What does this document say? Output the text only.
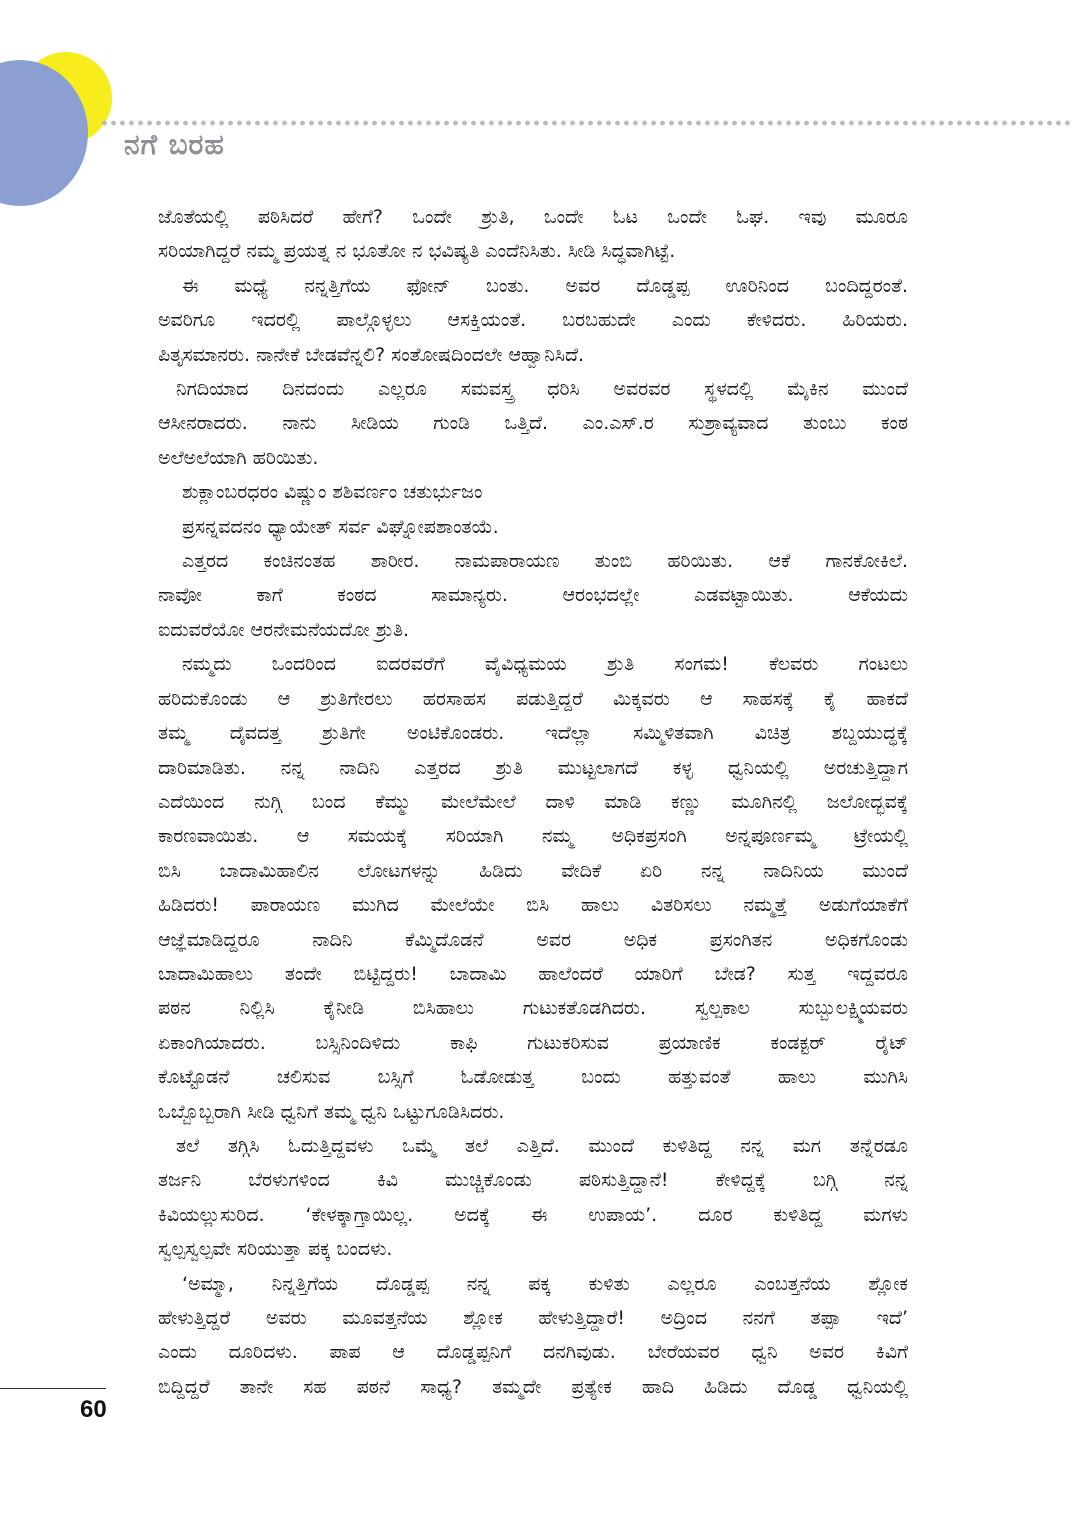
ನಗೆ ಬರಹ
ಜೊತೆಯಲ್ಲಿ ಪಠಿಸಿದರೆ ಹೇಗೆ? ಒಂದೇ ಶ್ರುತಿ, ಒಂದೇ ಓಟ ಒಂದೇ ಓಘ. ಇವು ಮೂರೂ
ಸರಿಯಾಗಿದ್ದರೆ ನಮ್ಮ ಪ್ರಯತ್ನ ನ ಭೂತೋ ನ ಭವಿಷ್ಯತಿ ಎಂದೆನಿಸಿತು. ಸೀಡಿ ಸಿದ್ಧವಾಗಿಟ್ಟೆ.
ಈ ಮಧ್ಯೆ ನನ್ನತ್ತಿಗೆಯ ಫೋನ್ ಬಂತು. ಅವರ ದೊಡ್ಡಪ್ಪ ಊರಿನಿಂದ ಬಂದಿದ್ದರಂತೆ.
ಅವರಿಗೂ ಇದರಲ್ಲಿ ಪಾಲ್ಗೊಳ್ಳಲು ಆಸಕ್ತಿಯಂತೆ. ಬರಬಹುದೇ ಎಂದು ಕೇಳಿದರು. ಹಿರಿಯರು.
ಪಿತೃಸಮಾನರು. ನಾನೇಕೆ ಬೇಡವೆನ್ನಲಿ? ಸಂತೋಷದಿಂದಲೇ ಆಹ್ವಾನಿಸಿದೆ.
ನಿಗದಿಯಾದ ದಿನದಂದು ಎಲ್ಲರೂ ಸಮವಸ್ತ್ರ ಧರಿಸಿ ಅವರವರ ಸ್ಥಳದಲ್ಲಿ ಮೈಕಿನ ಮುಂದೆ
ಆಸೀನರಾದರು. ನಾನು ಸೀಡಿಯ ಗುಂಡಿ ಒತ್ತಿದೆ. ಎಂ.ಎಸ್.ರ ಸುಶ್ರಾವ್ಯವಾದ ತುಂಬು ಕಂಠ
ಅಲೆಅಲೆಯಾಗಿ ಹರಿಯಿತು.
ಶುಕ್ಲಾಂಬರಧರಂ ವಿಷ್ಣುಂ ಶಶಿವರ್ಣಂ ಚತುರ್ಭುಜಂ
ಪ್ರಸನ್ನವದನಂ ಧ್ಯಾಯೇತ್ ಸರ್ವ ವಿಘ್ನೋಪಶಾಂತಯೆ.
ಎತ್ತರದ ಕಂಚಿನಂತಹ ಶಾರೀರ. ನಾಮಪಾರಾಯಣ ತುಂಬಿ ಹರಿಯಿತು. ಆಕೆ ಗಾನಕೋಕಿಲೆ.
ನಾವೋ ಕಾಗೆ ಕಂಠದ ಸಾಮಾನ್ಯರು. ಆರಂಭದಲ್ಲೇ ಎಡವಟ್ಟಾಯಿತು. ಆಕೆಯದು
ಐದುವರೆಯೋ ಆರನೇಮನೆಯದೋ ಶ್ರುತಿ.
ನಮ್ಮದು ಒಂದರಿಂದ ಐದರವರೆಗೆ ವೈವಿಧ್ಯಮಯ ಶ್ರುತಿ ಸಂಗಮ! ಕೆಲವರು ಗಂಟಲು
ಹರಿದುಕೊಂಡು ಆ ಶ್ರುತಿಗೇರಲು ಹರಸಾಹಸ ಪಡುತ್ತಿದ್ದರೆ ಮಿಕ್ಕವರು ಆ ಸಾಹಸಕ್ಕೆ ಕೈ ಹಾಕದೆ
ತಮ್ಮ ದೈವದತ್ತ ಶ್ರುತಿಗೇ ಅಂಟಿಕೊಂಡರು. ಇದೆಲ್ಲಾ ಸಮ್ಮಿಳಿತವಾಗಿ ವಿಚಿತ್ರ ಶಬ್ದಯುದ್ಧಕ್ಕೆ
ದಾರಿಮಾಡಿತು. ನನ್ನ ನಾದಿನಿ ಎತ್ತರದ ಶ್ರುತಿ ಮುಟ್ಟಲಾಗದೆ ಕಳ್ಳ ಧ್ವನಿಯಲ್ಲಿ ಅರಚುತ್ತಿದ್ದಾಗ
ಎದೆಯಿಂದ ನುಗ್ಗಿ ಬಂದ ಕೆಮ್ಮು ಮೇಲೆಮೇಲೆ ದಾಳಿ ಮಾಡಿ ಕಣ್ಣು ಮೂಗಿನಲ್ಲಿ ಜಲೋದ್ಭವಕ್ಕೆ
ಕಾರಣವಾಯಿತು. ಆ ಸಮಯಕ್ಕೆ ಸರಿಯಾಗಿ ನಮ್ಮ ಅಧಿಕಪ್ರಸಂಗಿ ಅನ್ನಪೂರ್ಣಮ್ಮ ಟ್ರೇಯಲ್ಲಿ
ಬಿಸಿ ಬಾದಾಮಿಹಾಲಿನ ಲೋಟಗಳನ್ನು ಹಿಡಿದು ವೇದಿಕೆ ಏರಿ ನನ್ನ ನಾದಿನಿಯ ಮುಂದೆ
ಹಿಡಿದರು! ಪಾರಾಯಣ ಮುಗಿದ ಮೇಲೆಯೇ ಬಿಸಿ ಹಾಲು ವಿತರಿಸಲು ನಮ್ಮತ್ತೆ ಅಡುಗೆಯಾಕೆಗೆ
ಆಜ್ಞೆಮಾಡಿದ್ದರೂ ನಾದಿನಿ ಕೆಮ್ಮಿದೊಡನೆ ಅವರ ಅಧಿಕ ಪ್ರಸಂಗಿತನ ಅಧಿಕಗೊಂಡು
ಬಾದಾಮಿಹಾಲು ತಂದೇ ಬಿಟ್ಟಿದ್ದರು! ಬಾದಾಮಿ ಹಾಲೆಂದರೆ ಯಾರಿಗೆ ಬೇಡ? ಸುತ್ತ ಇದ್ದವರೂ
ಪಠನ ನಿಲ್ಲಿಸಿ ಕೈನೀಡಿ ಬಿಸಿಹಾಲು ಗುಟುಕತೊಡಗಿದರು. ಸ್ವಲ್ಪಕಾಲ ಸುಬ್ಬುಲಕ್ಷ್ಮಿಯವರು
ಏಕಾಂಗಿಯಾದರು. ಬಸ್ಸಿನಿಂದಿಳಿದು ಕಾಫಿ ಗುಟುಕರಿಸುವ ಪ್ರಯಾಣಿಕ ಕಂಡಕ್ಟರ್ ರೈಟ್
ಕೊಟ್ಟೊಡನೆ ಚಲಿಸುವ ಬಸ್ಸಿಗೆ ಓಡೋಡುತ್ತ ಬಂದು ಹತ್ತುವಂತೆ ಹಾಲು ಮುಗಿಸಿ
ಒಬ್ಬೊಬ್ಬರಾಗಿ ಸೀಡಿ ಧ್ವನಿಗೆ ತಮ್ಮ ಧ್ವನಿ ಒಟ್ಟುಗೂಡಿಸಿದರು.
ತಲೆ ತಗ್ಗಿಸಿ ಓದುತ್ತಿದ್ದವಳು ಒಮ್ಮೆ ತಲೆ ಎತ್ತಿದೆ. ಮುಂದೆ ಕುಳಿತಿದ್ದ ನನ್ನ ಮಗ ತನ್ನೆರಡೂ
ತರ್ಜನಿ ಬೆರಳುಗಳಿಂದ ಕಿವಿ ಮುಚ್ಚಿಕೊಂಡು ಪಠಿಸುತ್ತಿದ್ದಾನೆ! ಕೇಳಿದ್ದಕ್ಕೆ ಬಗ್ಗಿ ನನ್ನ
ಕಿವಿಯಲ್ಲುಸುರಿದ. ‘ಕೇಳಕ್ಕಾಗ್ತಾಯಿಲ್ಲ. ಅದಕ್ಕೆ ಈ ಉಪಾಯ’. ದೂರ ಕುಳಿತಿದ್ದ ಮಗಳು
ಸ್ವಲ್ಪಸ್ವಲ್ಪವೇ ಸರಿಯುತ್ತಾ ಪಕ್ಕ ಬಂದಳು.
‘ಅಮ್ಮಾ, ನಿನ್ನತ್ತಿಗೆಯ ದೊಡ್ಡಪ್ಪ ನನ್ನ ಪಕ್ಕ ಕುಳಿತು ಎಲ್ಲರೂ ಎಂಬತ್ತನೆಯ ಶ್ಲೋಕ
ಹೇಳುತ್ತಿದ್ದರೆ ಅವರು ಮೂವತ್ತನೆಯ ಶ್ಲೋಕ ಹೇಳುತ್ತಿದ್ದಾರೆ! ಅದ್ರಿಂದ ನನಗೆ ತಪ್ಪಾ ಇದೆ’
ಎಂದು ದೂರಿದಳು. ಪಾಪ ಆ ದೊಡ್ಡಪ್ಪನಿಗೆ ದನಗಿವುಡು. ಬೇರೆಯವರ ಧ್ವನಿ ಅವರ ಕಿವಿಗೆ
ಬಿದ್ದಿದ್ದರೆ ತಾನೇ ಸಹ ಪಠನೆ ಸಾಧ್ಯ? ತಮ್ಮದೇ ಪ್ರತ್ಯೇಕ ಹಾದಿ ಹಿಡಿದು ದೊಡ್ಡ ಧ್ವನಿಯಲ್ಲಿ
60
